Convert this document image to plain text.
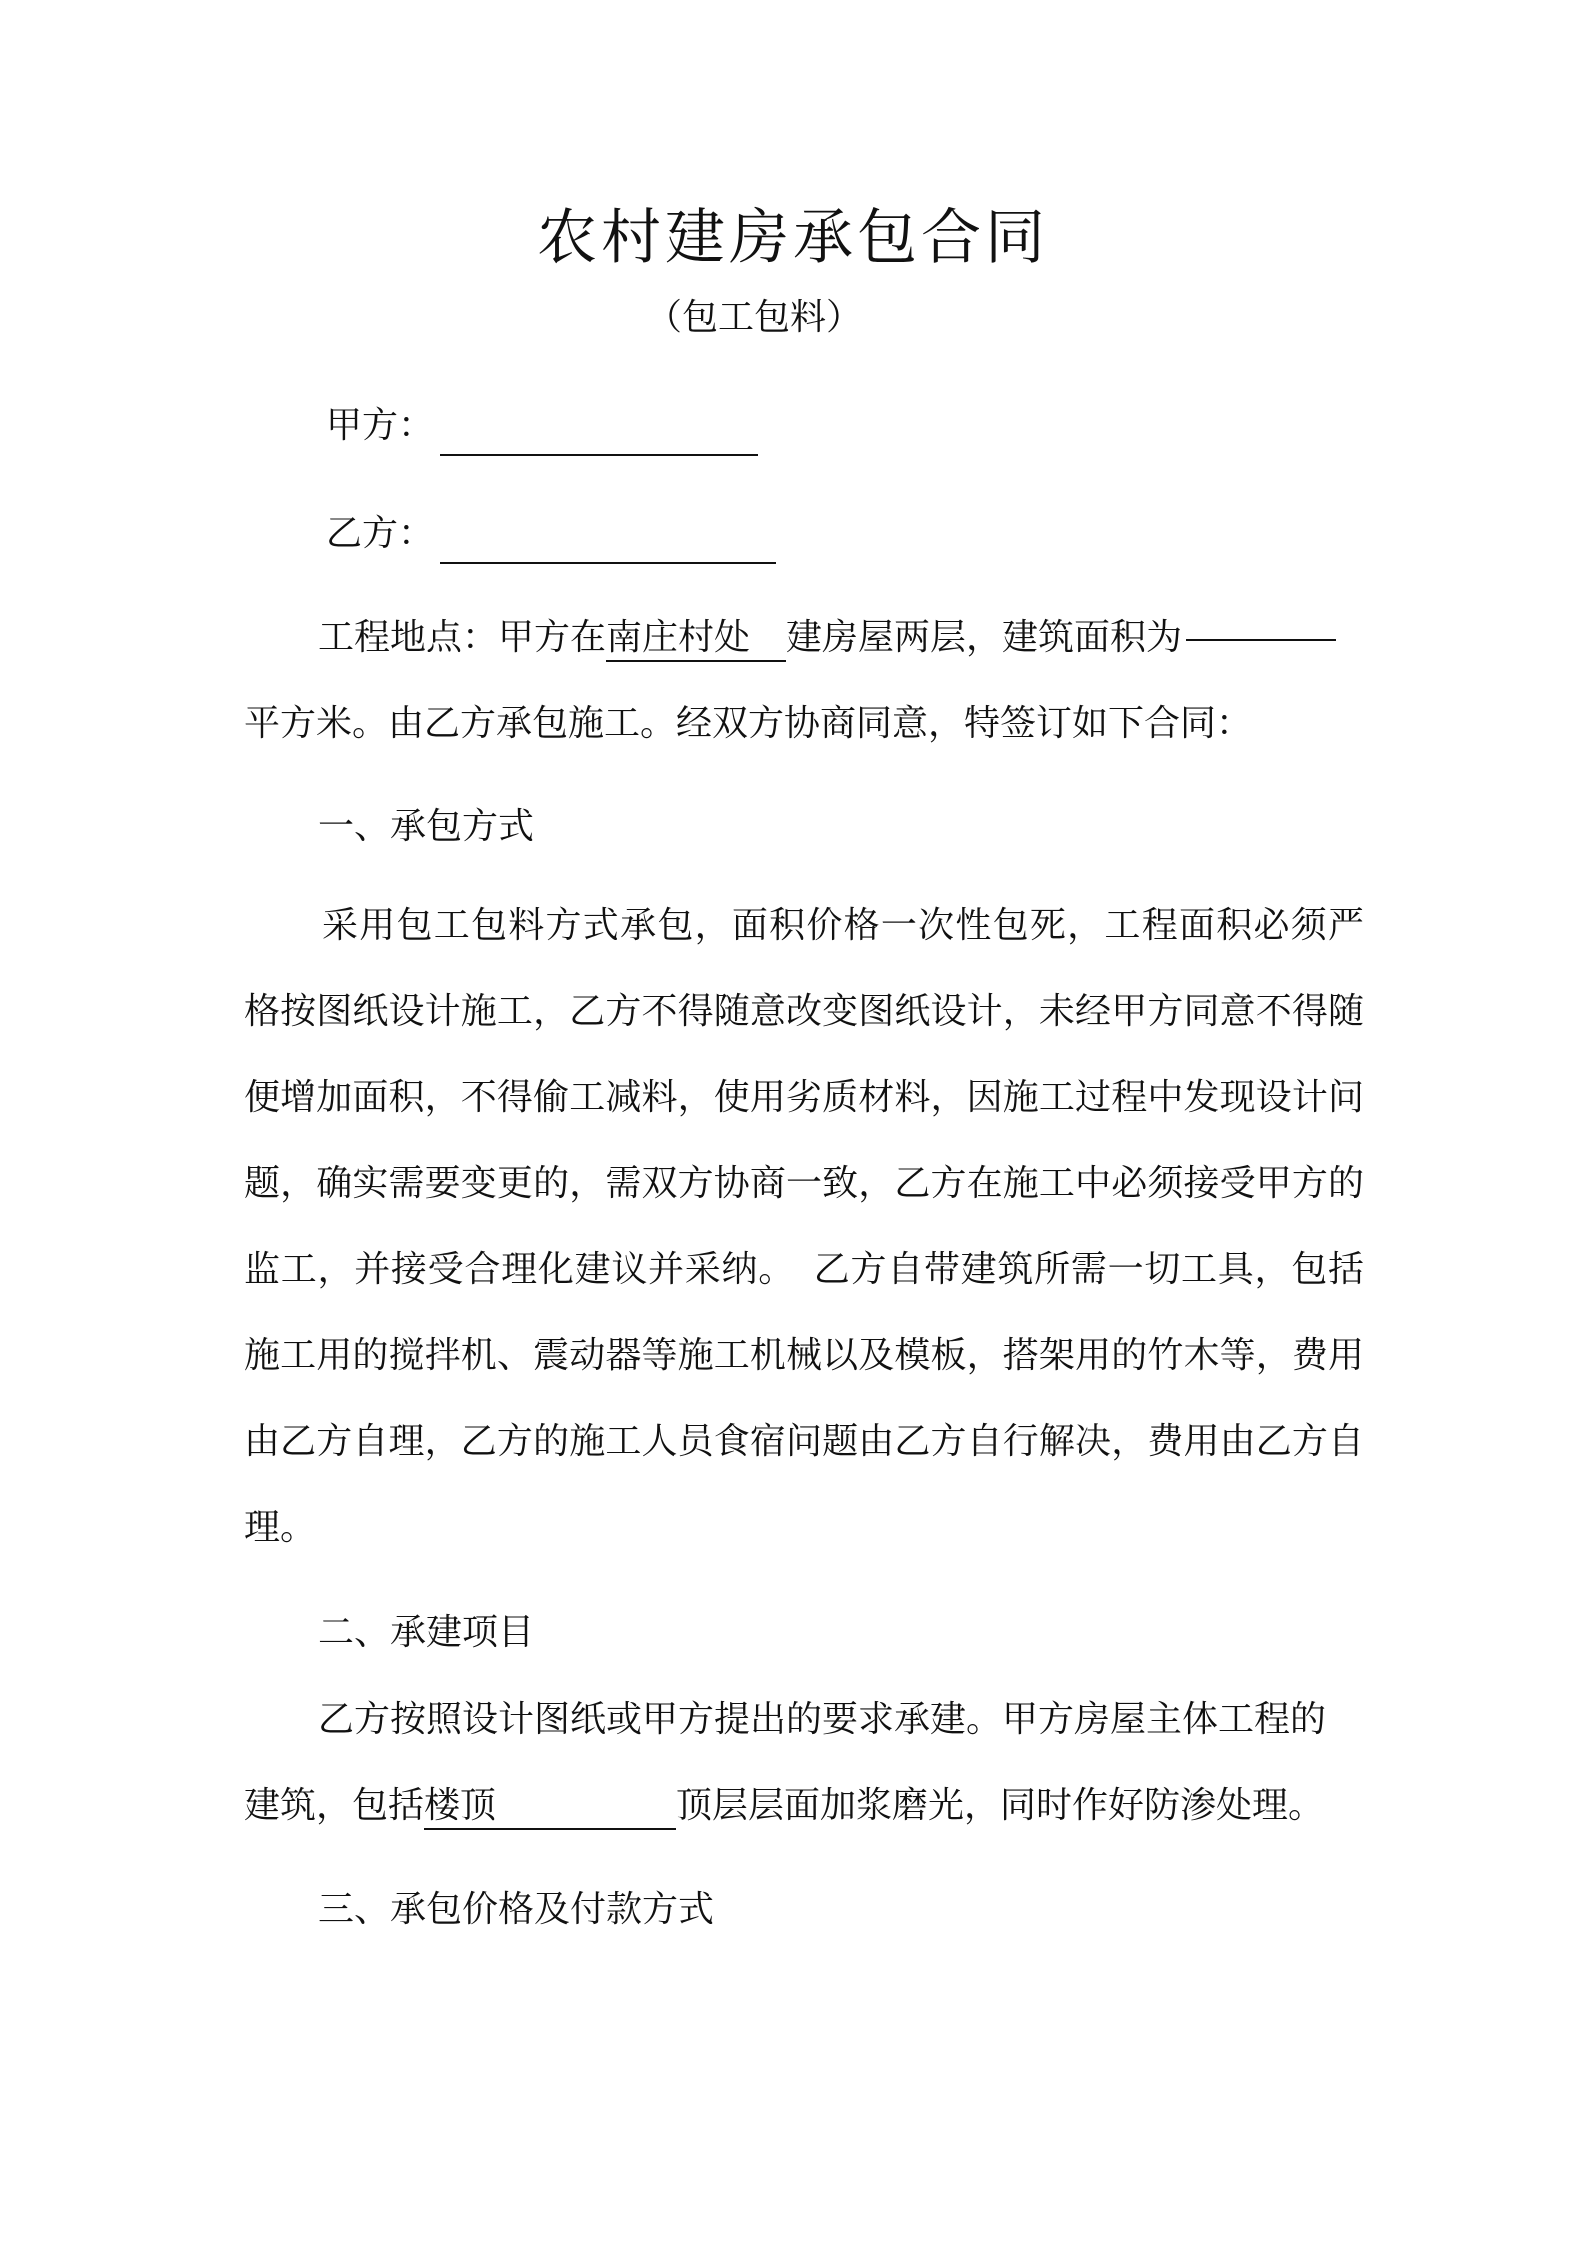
农村建房承包合同
（包工包料）
甲方：
乙方：
工程地点：甲方在南庄村处  建房屋两层，建筑面积为
平方米。由乙方承包施工。经双方协商同意，特签订如下合同：
一、承包方式
采用包工包料方式承包，面积价格一次性包死，工程面积必须严格按图纸设计施工，乙方不得随意改变图纸设计，未经甲方同意不得随便增加面积，不得偷工减料，使用劣质材料，因施工过程中发现设计问题，确实需要变更的，需双方协商一致，乙方在施工中必须接受甲方的监工，并接受合理化建议并采纳。　乙方自带建筑所需一切工具，包括施工用的搅拌机、震动器等施工机械以及模板，搭架用的竹木等，费用由乙方自理，乙方的施工人员食宿问题由乙方自行解决，费用由乙方自理。
二、承建项目
乙方按照设计图纸或甲方提出的要求承建。甲方房屋主体工程的
建筑，包括楼顶     	顶层层面加浆磨光，同时作好防渗处理。
三、承包价格及付款方式
